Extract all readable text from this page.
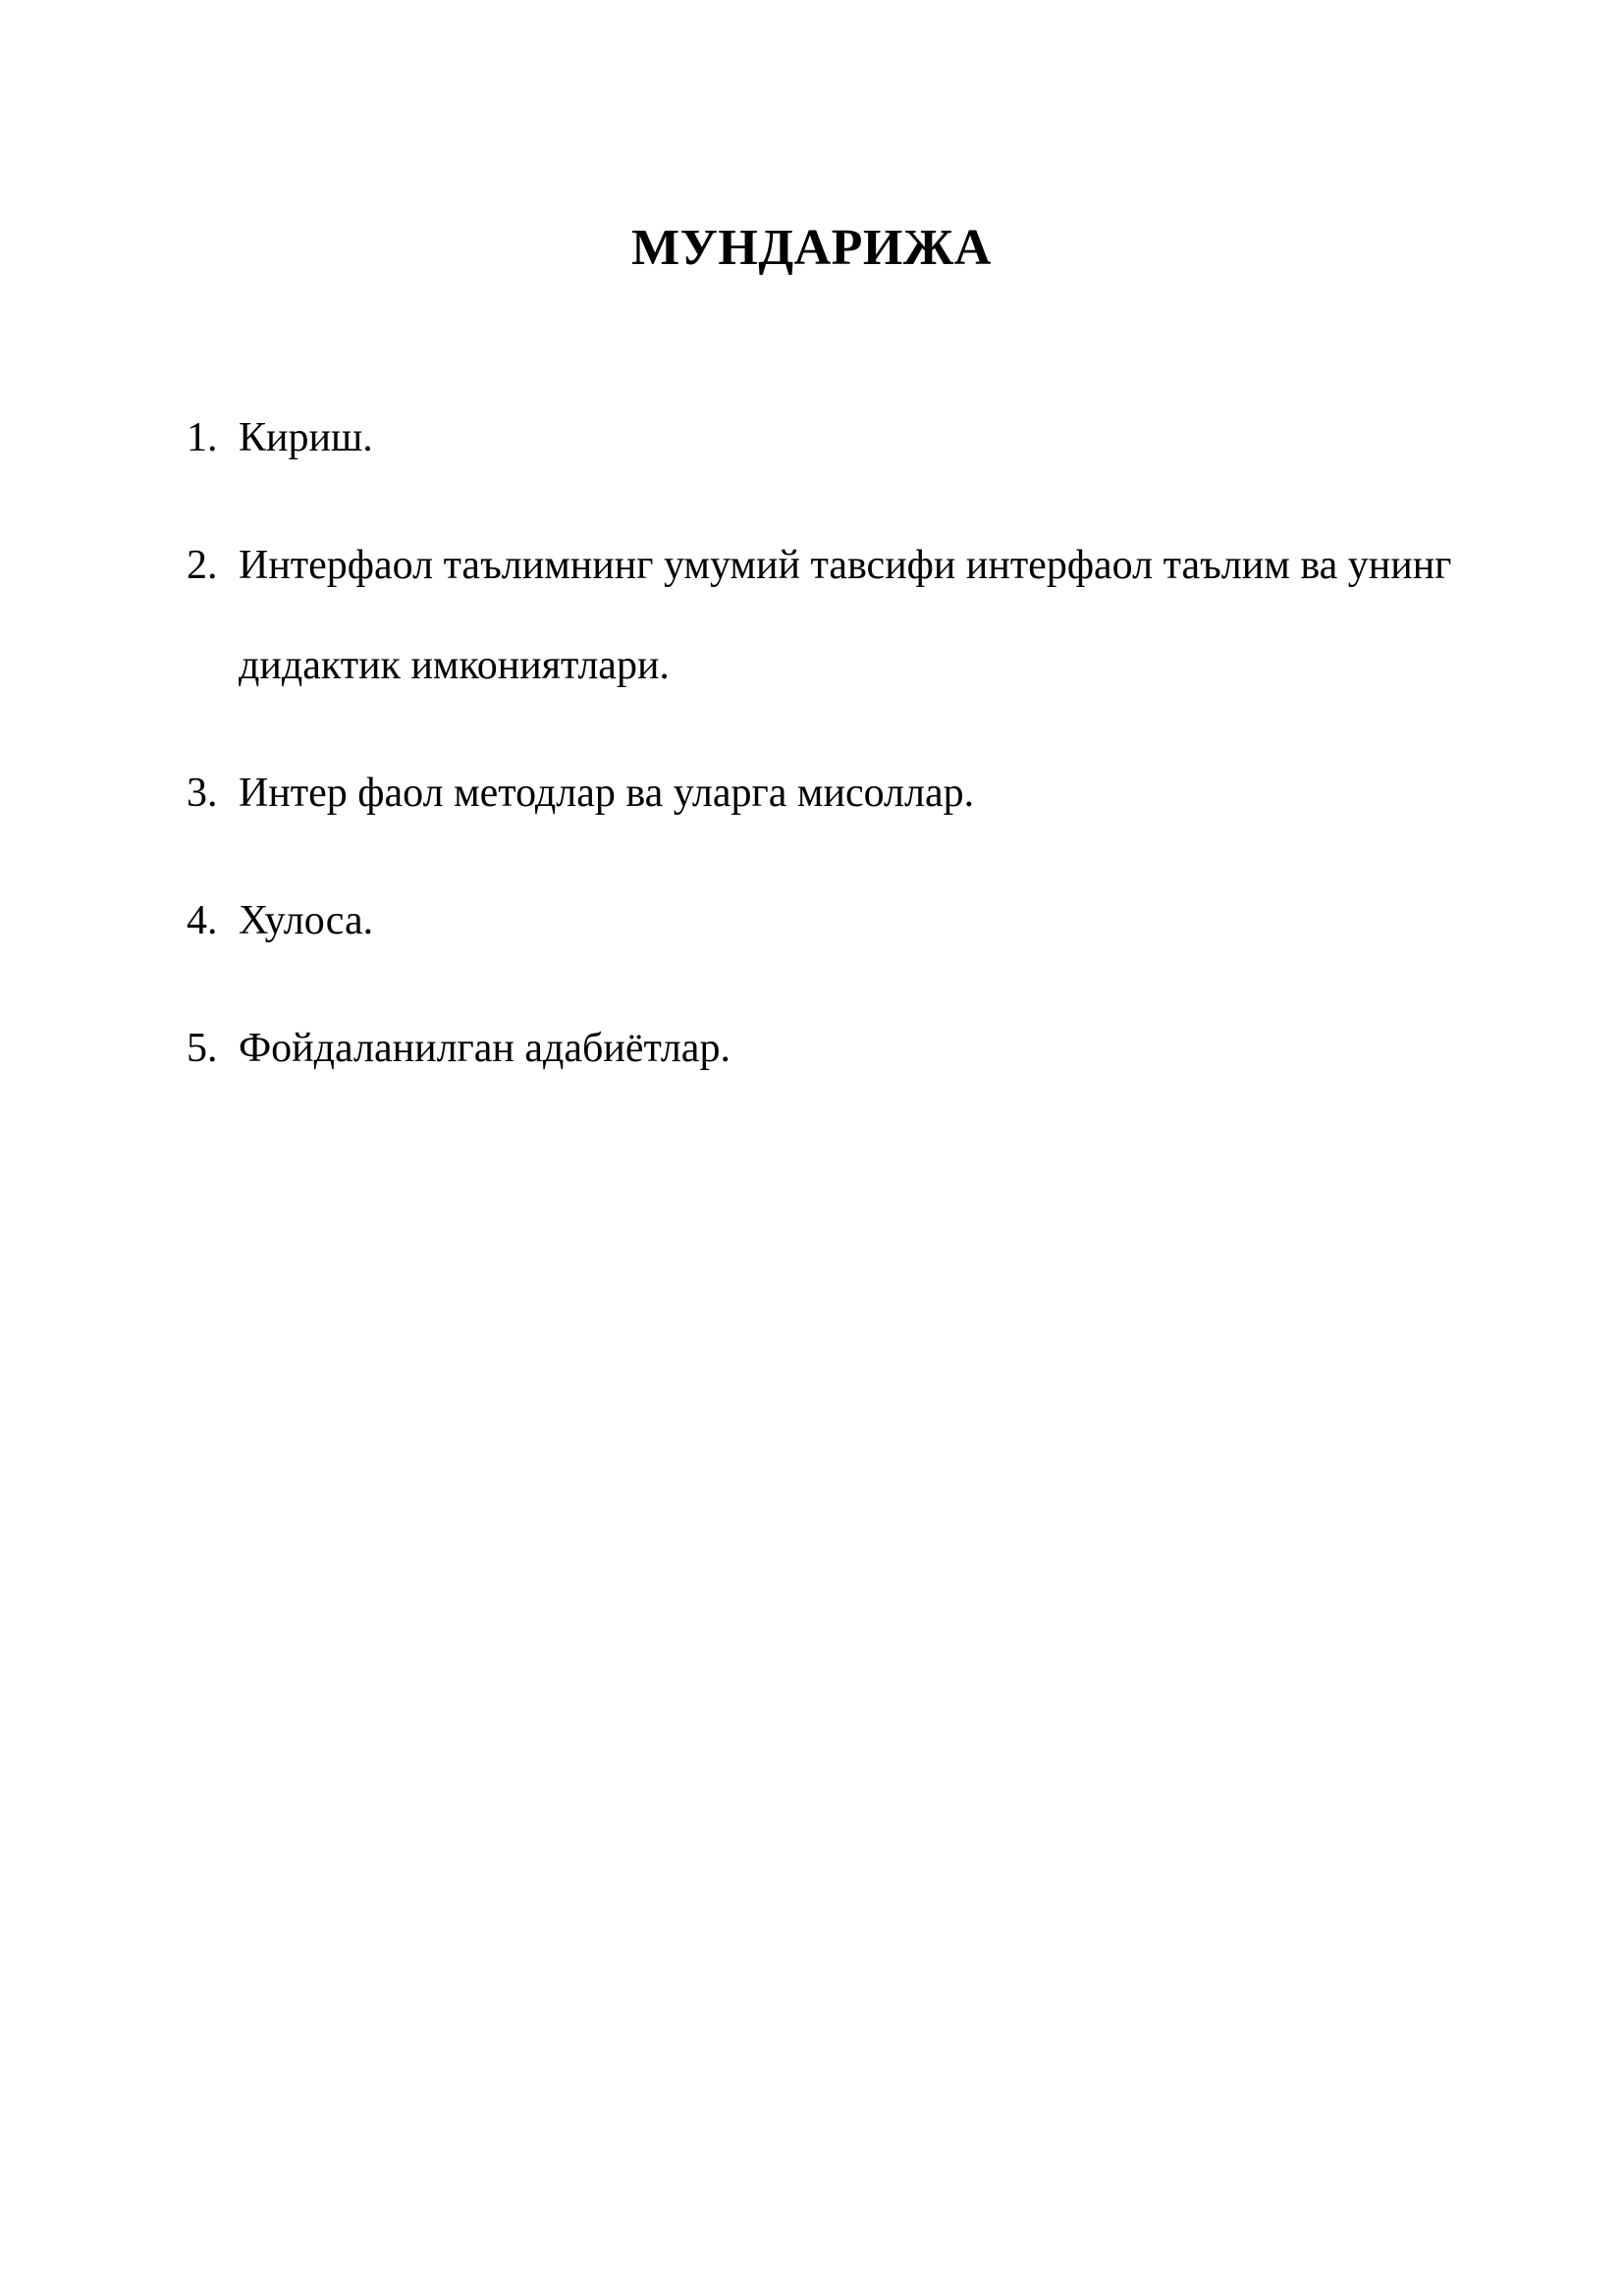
МУНДАРИЖА
1. Кириш.
2. Интерфаол таълимнинг умумий тавсифи интерфаол таълим ва унинг дидактик имкониятлари.
3. Интер фаол методлар ва уларга мисоллар.
4. Хулоса.
5. Фойдаланилган адабиётлар.
